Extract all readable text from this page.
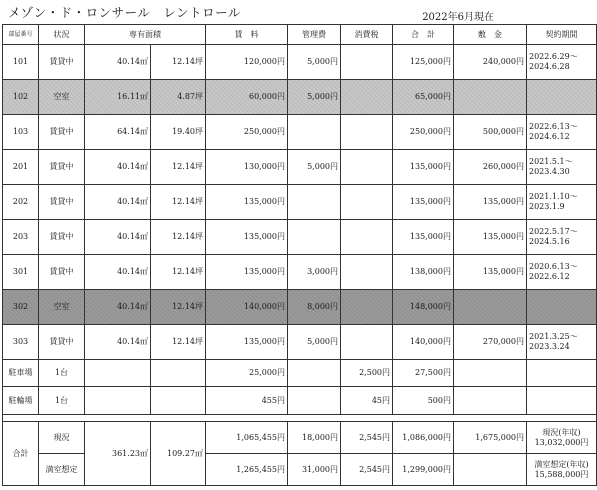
メゾン・ド・ロンサール　レントロール	2022年6月現在
部屋番号	状況	専有面積		賃　料	管理費	消費税	合　計	敷　金	契約期間
101	賃貸中	40.14㎡	12.14坪	120,000円	5,000円		125,000円	240,000円	2022.6.29～
2024.6.28
102	空室	16.11㎡	4.87坪	60,000円	5,000円		65,000円		
103	賃貸中	64.14㎡	19.40坪	250,000円			250,000円	500,000円	2022.6.13～
2024.6.12
201	賃貸中	40.14㎡	12.14坪	130,000円	5,000円		135,000円	260,000円	2021.5.1～
2023.4.30
202	賃貸中	40.14㎡	12.14坪	135,000円			135,000円	135,000円	2021.1.10～
2023.1.9
203	賃貸中	40.14㎡	12.14坪	135,000円			135,000円	135,000円	2022.5.17～
2024.5.16
301	賃貸中	40.14㎡	12.14坪	135,000円	3,000円		138,000円	135,000円	2020.6.13～
2022.6.12
302	空室	40.14㎡	12.14坪	140,000円	8,000円		148,000円		
303	賃貸中	40.14㎡	12.14坪	135,000円	5,000円		140,000円	270,000円	2021.3.25～
2023.3.24
駐車場	1台			25,000円		2,500円	27,500円		
駐輪場	1台			455円		45円	500円		

合計	現況	361.23㎡	109.27㎡	1,065,455円	18,000円	2,545円	1,086,000円	1,675,000円	現況(年収)
13,032,000円

	満室想定			1,265,455円	31,000円	2,545円	1,299,000円		満室想定(年収)
15,588,000円
